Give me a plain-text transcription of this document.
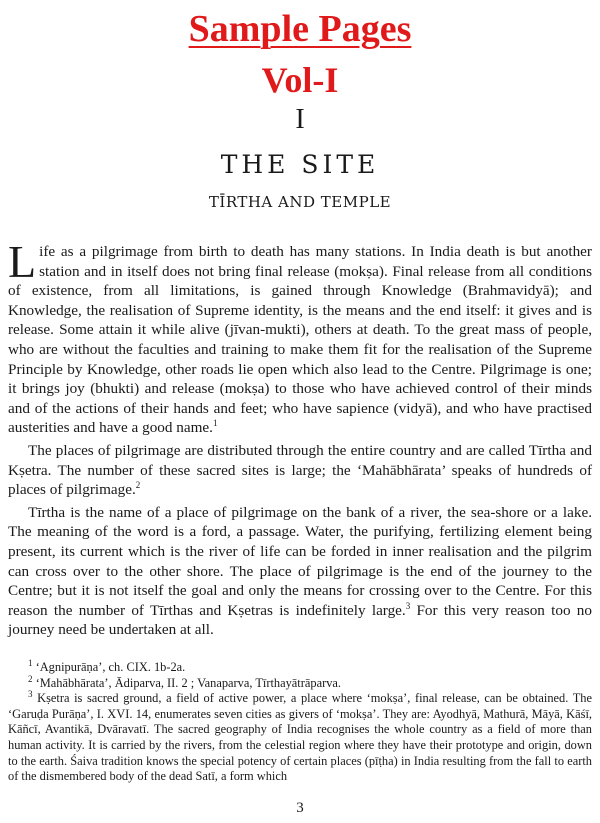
Sample Pages
Vol-I
I
THE SITE
TĪRTHA AND TEMPLE

Life as a pilgrimage from birth to death has many stations. In India death is but another station and in itself does not bring final release (mokṣa). Final release from all conditions of existence, from all limitations, is gained through Knowledge (Brahmavidyā); and Knowledge, the realisation of Supreme identity, is the means and the end itself: it gives and is release. Some attain it while alive (jīvan-mukti), others at death. To the great mass of people, who are without the faculties and training to make them fit for the realisation of the Supreme Principle by Knowledge, other roads lie open which also lead to the Centre. Pilgrimage is one; it brings joy (bhukti) and release (mokṣa) to those who have achieved control of their minds and of the actions of their hands and feet; who have sapience (vidyā), and who have practised austerities and have a good name.$^1$

The places of pilgrimage are distributed through the entire country and are called Tīrtha and Kṣetra. The number of these sacred sites is large; the ‘Mahābhārata’ speaks of hundreds of places of pilgrimage.$^2$

Tīrtha is the name of a place of pilgrimage on the bank of a river, the sea-shore or a lake. The meaning of the word is a ford, a passage. Water, the purifying, fertilizing element being present, its current which is the river of life can be forded in inner realisation and the pilgrim can cross over to the other shore. The place of pilgrimage is the end of the journey to the Centre; but it is not itself the goal and only the means for crossing over to the Centre. For this reason the number of Tīrthas and Kṣetras is indefinitely large.$^3$ For this very reason too no journey need be undertaken at all.

$^1$ ‘Agnipurāṇa’, ch. CIX. 1b-2a.

$^2$ ‘Mahābhārata’, Ādiparva, II. 2 ; Vanaparva, Tīrthayātrāparva.

$^3$ Kṣetra is sacred ground, a field of active power, a place where ‘mokṣa’, final release, can be obtained. The ‘Garuḍa Purāṇa’, I. XVI. 14, enumerates seven cities as givers of ‘mokṣa’. They are: Ayodhyā, Mathurā, Māyā, Kāśī, Kāñcī, Avantikā, Dvāravatī. The sacred geography of India recognises the whole country as a field of more than human activity. It is carried by the rivers, from the celestial region where they have their prototype and origin, down to the earth. Śaiva tradition knows the special potency of certain places (pīṭha) in India resulting from the fall to earth of the dismembered body of the dead Satī, a form which

3
